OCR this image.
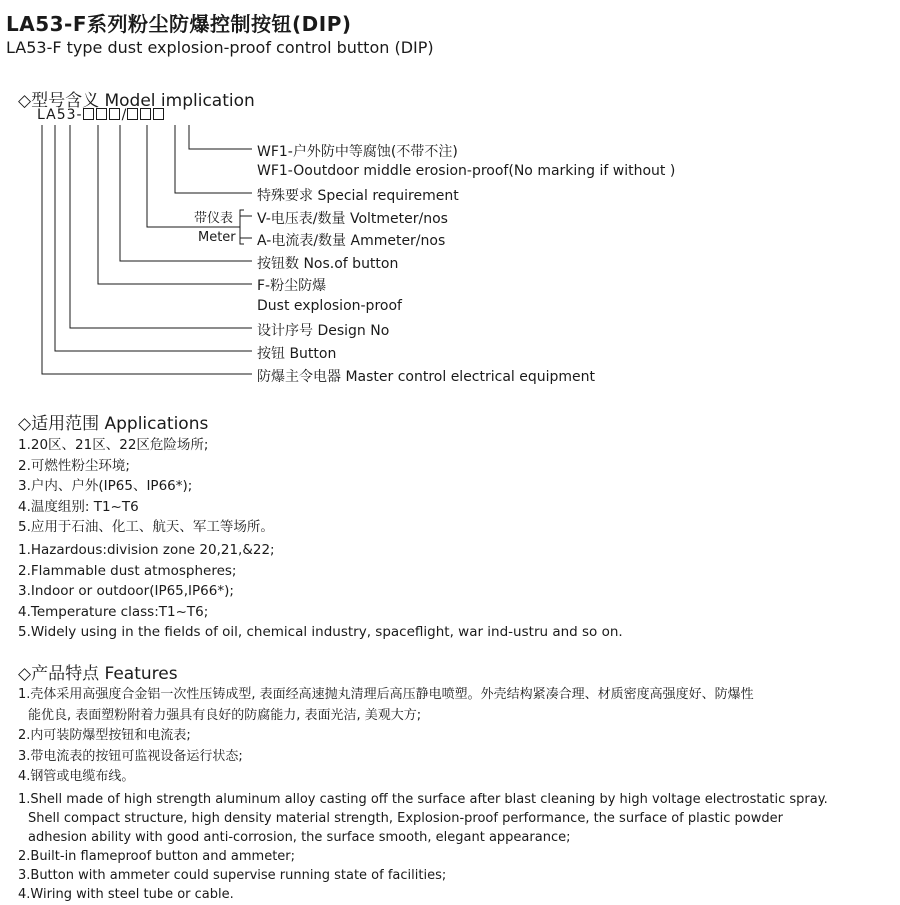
LA53-F系列粉尘防爆控制按钮(DIP)
LA53-F type dust explosion-proof control button (DIP)
◇型号含义 Model implication
LA53-	/
带仪表
Meter
WF1-户外防中等腐蚀(不带不注)
WF1-Ooutdoor middle erosion-proof(No marking if without )
特殊要求 Special requirement
V-电压表/数量 Voltmeter/nos
A-电流表/数量 Ammeter/nos
按钮数 Nos.of button
F-粉尘防爆
Dust explosion-proof
设计序号 Design No
按钮 Button
防爆主令电器 Master control electrical equipment
◇适用范围 Applications
1.20区、21区、22区危险场所;
2.可燃性粉尘环境;
3.户内、户外(IP65、IP66*);
4.温度组别: T1~T6
5.应用于石油、化工、航天、军工等场所。
1.Hazardous:division zone 20,21,&22;
2.Flammable dust atmospheres;
3.Indoor or outdoor(IP65,IP66*);
4.Temperature class:T1~T6;
5.Widely using in the fields of oil, chemical industry, spaceflight, war ind-ustru and so on.
◇产品特点 Features
1.壳体采用高强度合金铝一次性压铸成型, 表面经高速抛丸清理后高压静电喷塑。外壳结构紧凑合理、材质密度高强度好、防爆性
能优良, 表面塑粉附着力强具有良好的防腐能力, 表面光洁, 美观大方;
2.内可装防爆型按钮和电流表;
3.带电流表的按钮可监视设备运行状态;
4.钢管或电缆布线。
1.Shell made of high strength aluminum alloy casting off the surface after blast cleaning by high voltage electrostatic spray.
Shell compact structure, high density material strength, Explosion-proof performance, the surface of plastic powder
adhesion ability with good anti-corrosion, the surface smooth, elegant appearance;
2.Built-in flameproof button and ammeter;
3.Button with ammeter could supervise running state of facilities;
4.Wiring with steel tube or cable.
